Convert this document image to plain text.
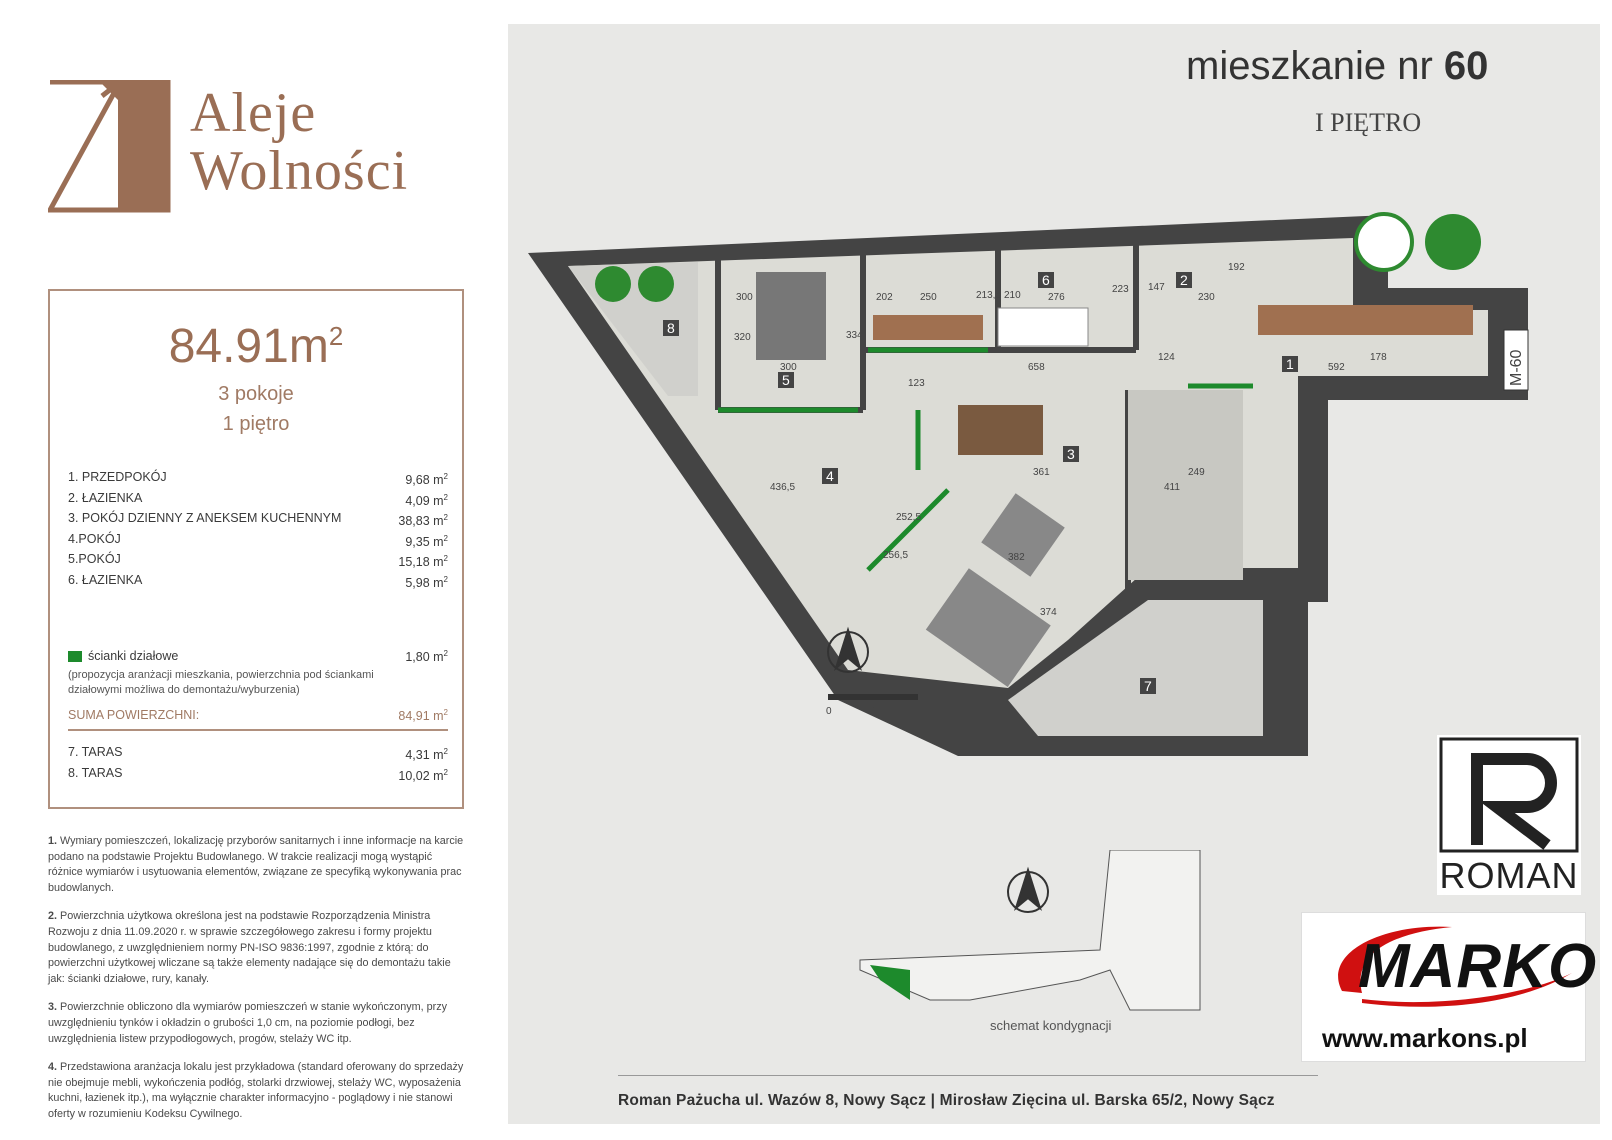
Aleje
Wolności
$84.91m^2$
3 pokoje
1 piętro
1. PRZEDPOKÓJ	9,68 $m^2$
2. ŁAZIENKA	4,09 $m^2$
3. POKÓJ DZIENNY Z ANEKSEM KUCHENNYM	38,83 $m^2$
4.POKÓJ	9,35 $m^2$
5.POKÓJ	15,18 $m^2$
6. ŁAZIENKA	5,98 $m^2$
ścianki działowe	1,80 $m^2$
(propozycja aranżacji mieszkania, powierzchnia pod ściankami działowymi możliwa do demontażu/wyburzenia)
SUMA POWIERZCHNI:	84,91 $m^2$
7. TARAS	4,31 $m^2$
8. TARAS	10,02 $m^2$

1. Wymiary pomieszczeń, lokalizację przyborów sanitarnych i inne informacje na karcie podano na podstawie Projektu Budowlanego. W trakcie realizacji mogą wystąpić różnice wymiarów i usytuowania elementów, związane ze specyfiką wykonywania prac budowlanych.

2. Powierzchnia użytkowa określona jest na podstawie Rozporządzenia Ministra Rozwoju z dnia 11.09.2020 r. w sprawie szczegółowego zakresu i formy projektu budowlanego, z uwzględnieniem normy PN-ISO 9836:1997, zgodnie z którą: do powierzchni użytkowej wliczane są także elementy nadające się do demontażu takie jak: ścianki działowe, rury, kanały.

3. Powierzchnie obliczono dla wymiarów pomieszczeń w stanie wykończonym, przy uwzględnieniu tynków i okładzin o grubości 1,0 cm, na poziomie podłogi, bez uwzględnienia listew przypodłogowych, progów, stelaży WC itp.

4. Przedstawiona aranżacja lokalu jest przykładowa (standard oferowany do sprzedaży nie obejmuje mebli, wykończenia podłóg, stolarki drzwiowej, stelaży WC, wyposażenia kuchni, łazienek itp.), ma wyłącznie charakter informacyjno - poglądowy i nie stanowi oferty w rozumieniu Kodeksu Cywilnego.

mieszkanie nr 60
I PIĘTRO
1
2
3
4
5
6
7
8
300
320	334
300
202	250	213,5 210	276
223 147
230
192
658	592
178
124
123
361	249
411
436,5
252,5
256,5	382
374
M-60
0	1
schemat kondygnacji
Roman Pażucha ul. Wazów 8, Nowy Sącz | Mirosław Zięcina ul. Barska 65/2, Nowy Sącz
ROMAN
MARKO
www.markons.pl
